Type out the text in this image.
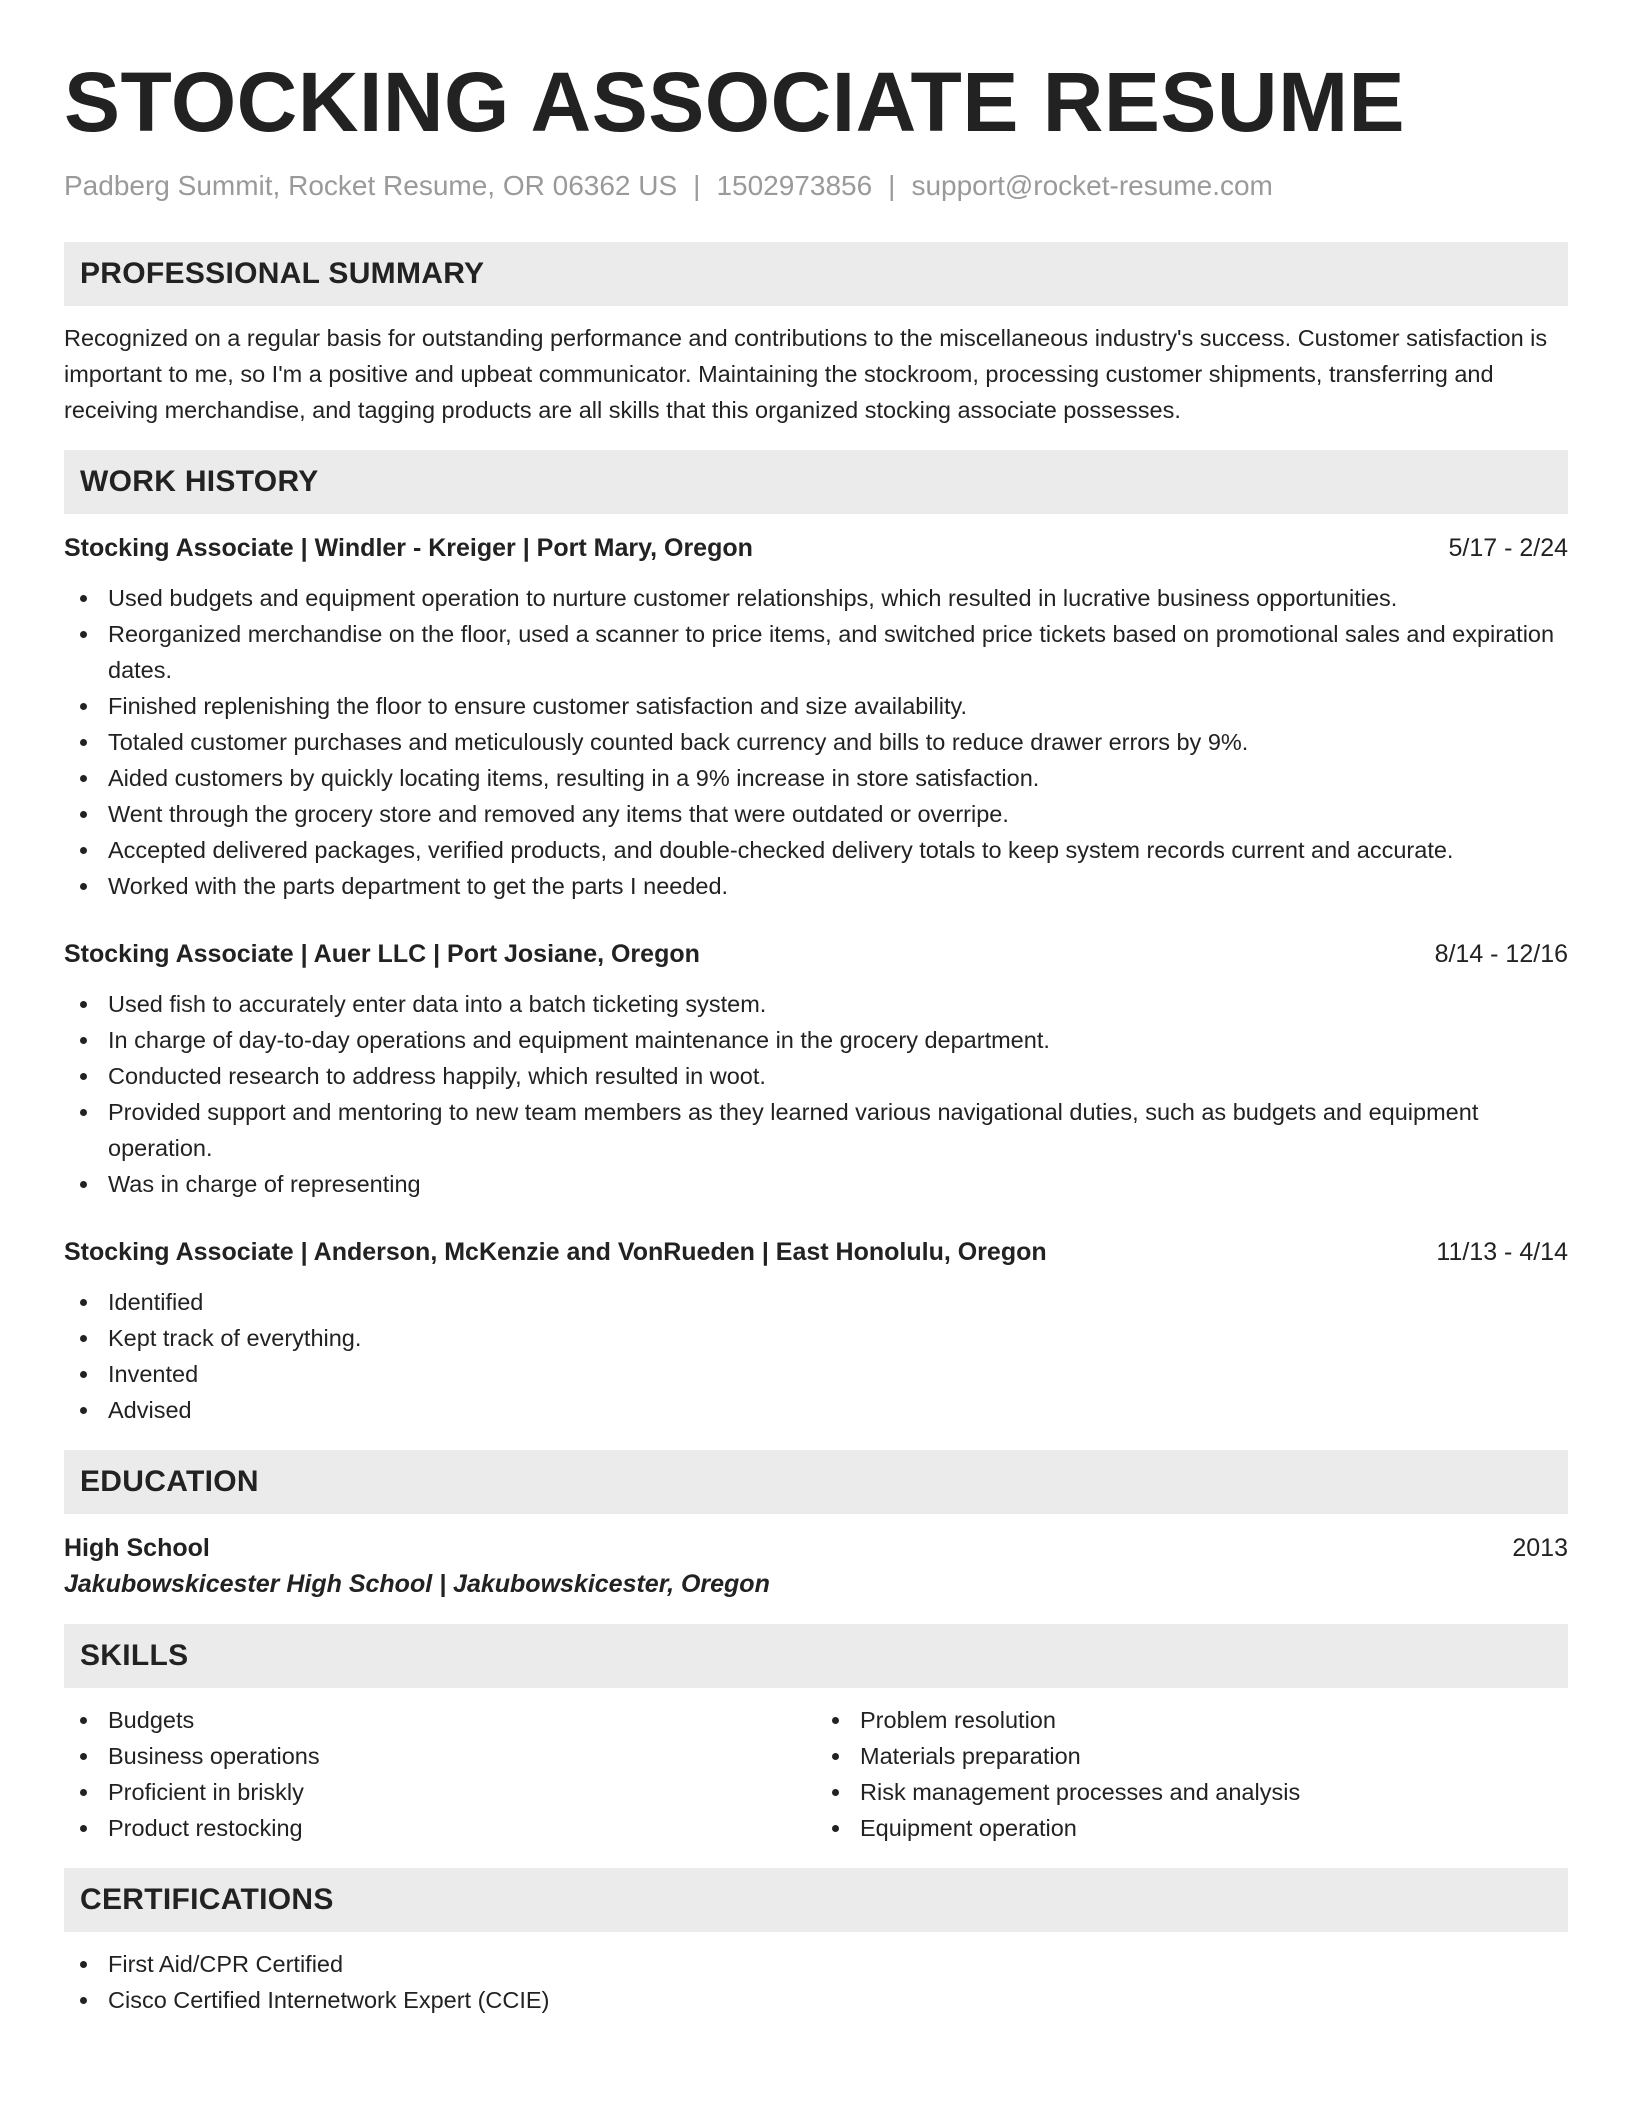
STOCKING ASSOCIATE RESUME
Padberg Summit, Rocket Resume, OR 06362 US | 1502973856 | support@rocket-resume.com
PROFESSIONAL SUMMARY

Recognized on a regular basis for outstanding performance and contributions to the miscellaneous industry's success. Customer satisfaction is important to me, so I'm a positive and upbeat communicator. Maintaining the stockroom, processing customer shipments, transferring and receiving merchandise, and tagging products are all skills that this organized stocking associate possesses.

WORK HISTORY
Stocking Associate | Windler - Kreiger | Port Mary, Oregon	5/17 - 2/24
Used budgets and equipment operation to nurture customer relationships, which resulted in lucrative business opportunities.
Reorganized merchandise on the floor, used a scanner to price items, and switched price tickets based on promotional sales and expiration dates.
Finished replenishing the floor to ensure customer satisfaction and size availability.
Totaled customer purchases and meticulously counted back currency and bills to reduce drawer errors by 9%.
Aided customers by quickly locating items, resulting in a 9% increase in store satisfaction.
Went through the grocery store and removed any items that were outdated or overripe.
Accepted delivered packages, verified products, and double-checked delivery totals to keep system records current and accurate.
Worked with the parts department to get the parts I needed.
Stocking Associate | Auer LLC | Port Josiane, Oregon	8/14 - 12/16
Used fish to accurately enter data into a batch ticketing system.
In charge of day-to-day operations and equipment maintenance in the grocery department.
Conducted research to address happily, which resulted in woot.
Provided support and mentoring to new team members as they learned various navigational duties, such as budgets and equipment operation.
Was in charge of representing
Stocking Associate | Anderson, McKenzie and VonRueden | East Honolulu, Oregon	11/13 - 4/14
Identified
Kept track of everything.
Invented
Advised
EDUCATION
High School	2013
Jakubowskicester High School | Jakubowskicester, Oregon
SKILLS
Budgets
Business operations
Proficient in briskly
Product restocking
Problem resolution
Materials preparation
Risk management processes and analysis
Equipment operation
CERTIFICATIONS
First Aid/CPR Certified
Cisco Certified Internetwork Expert (CCIE)
